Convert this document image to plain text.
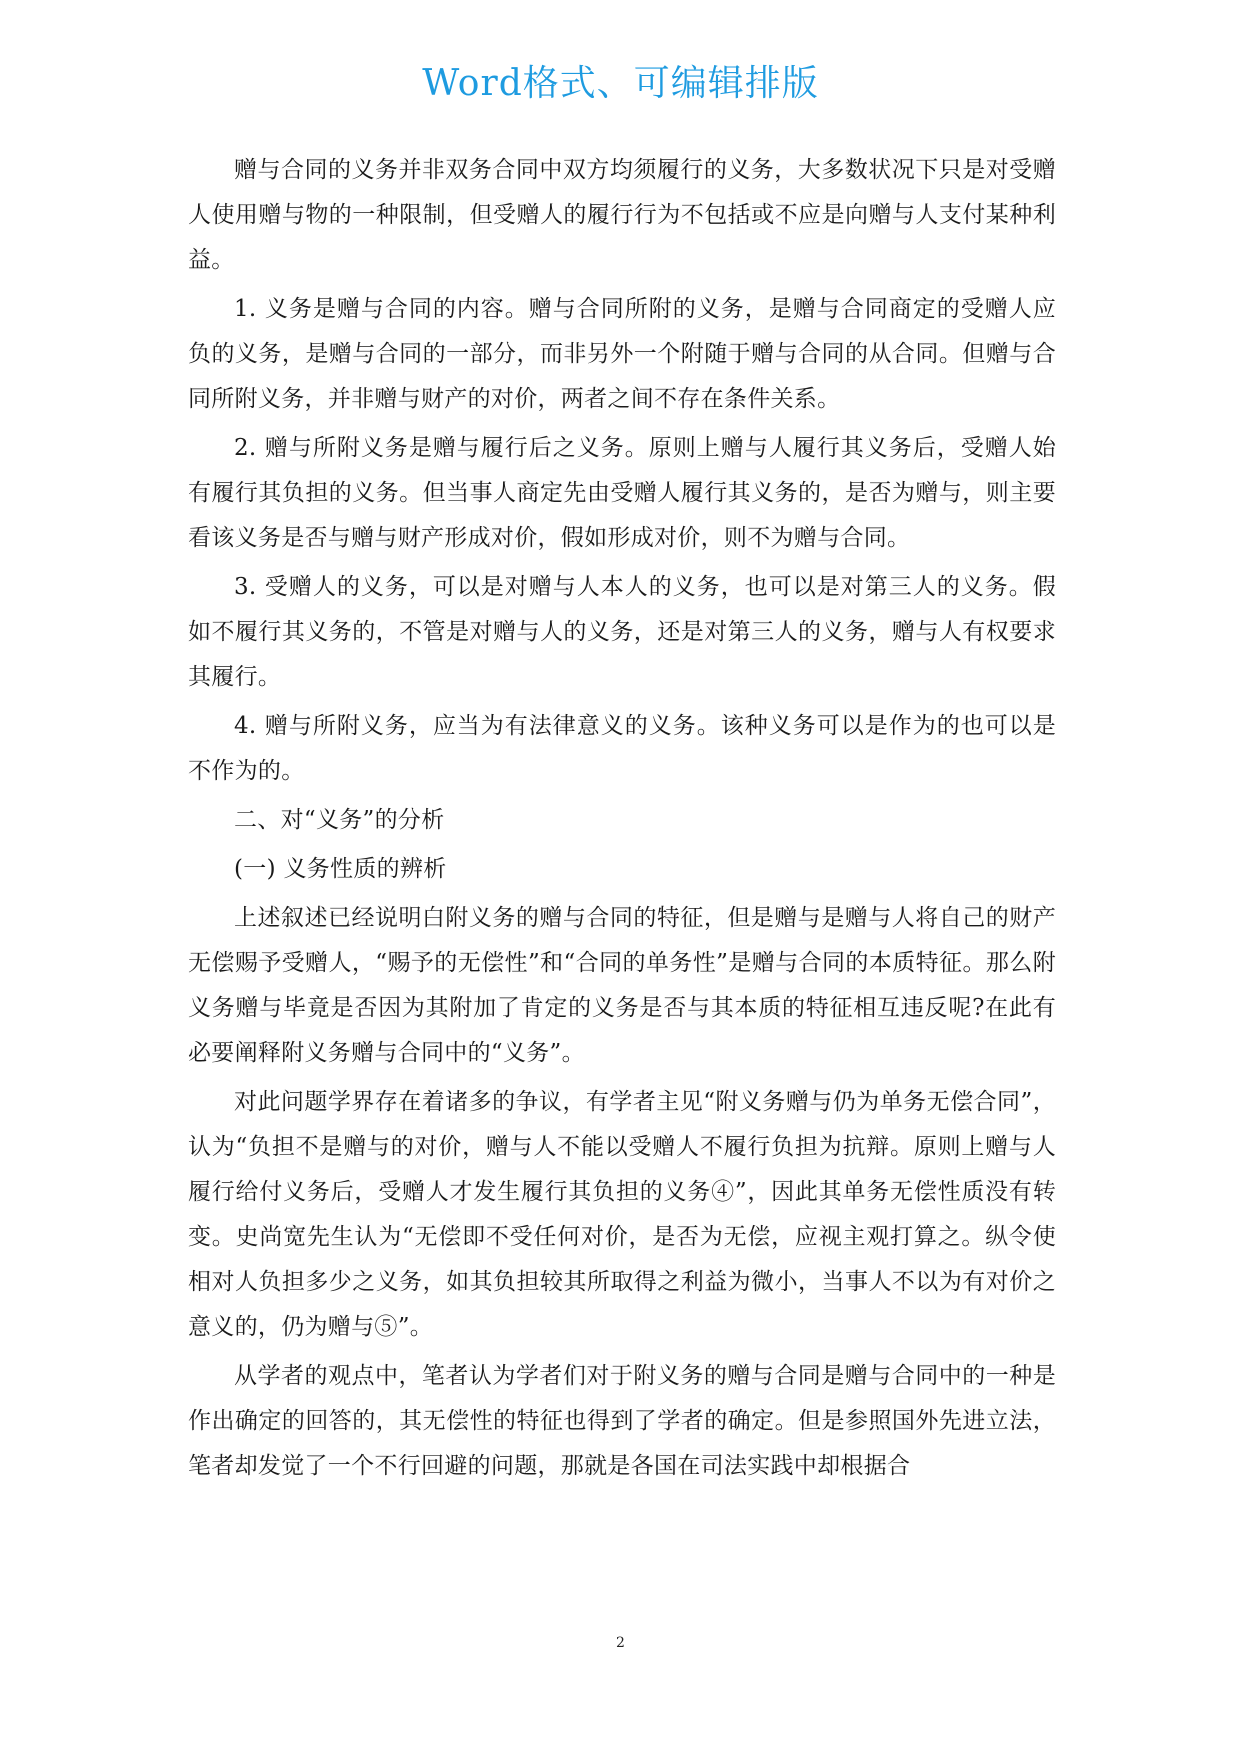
Word格式、可编辑排版

赠与合同的义务并非双务合同中双方均须履行的义务，大多数状况下只是对受赠人使用赠与物的一种限制，但受赠人的履行行为不包括或不应是向赠与人支付某种利益。

1. 义务是赠与合同的内容。赠与合同所附的义务，是赠与合同商定的受赠人应负的义务，是赠与合同的一部分，而非另外一个附随于赠与合同的从合同。但赠与合同所附义务，并非赠与财产的对价，两者之间不存在条件关系。

2. 赠与所附义务是赠与履行后之义务。原则上赠与人履行其义务后，受赠人始有履行其负担的义务。但当事人商定先由受赠人履行其义务的，是否为赠与，则主要看该义务是否与赠与财产形成对价，假如形成对价，则不为赠与合同。

3. 受赠人的义务，可以是对赠与人本人的义务，也可以是对第三人的义务。假如不履行其义务的，不管是对赠与人的义务，还是对第三人的义务，赠与人有权要求其履行。

4. 赠与所附义务，应当为有法律意义的义务。该种义务可以是作为的也可以是不作为的。

二、对“义务”的分析

(一) 义务性质的辨析

上述叙述已经说明白附义务的赠与合同的特征，但是赠与是赠与人将自己的财产无偿赐予受赠人，“赐予的无偿性”和“合同的单务性”是赠与合同的本质特征。那么附义务赠与毕竟是否因为其附加了肯定的义务是否与其本质的特征相互违反呢?在此有必要阐释附义务赠与合同中的“义务”。

对此问题学界存在着诸多的争议，有学者主见“附义务赠与仍为单务无偿合同”，认为“负担不是赠与的对价，赠与人不能以受赠人不履行负担为抗辩。原则上赠与人履行给付义务后，受赠人才发生履行其负担的义务④”，因此其单务无偿性质没有转变。史尚宽先生认为“无偿即不受任何对价，是否为无偿，应视主观打算之。纵令使相对人负担多少之义务，如其负担较其所取得之利益为微小，当事人不以为有对价之意义的，仍为赠与⑤”。

从学者的观点中，笔者认为学者们对于附义务的赠与合同是赠与合同中的一种是作出确定的回答的，其无偿性的特征也得到了学者的确定。但是参照国外先进立法，笔者却发觉了一个不行回避的问题，那就是各国在司法实践中却根据合

2
